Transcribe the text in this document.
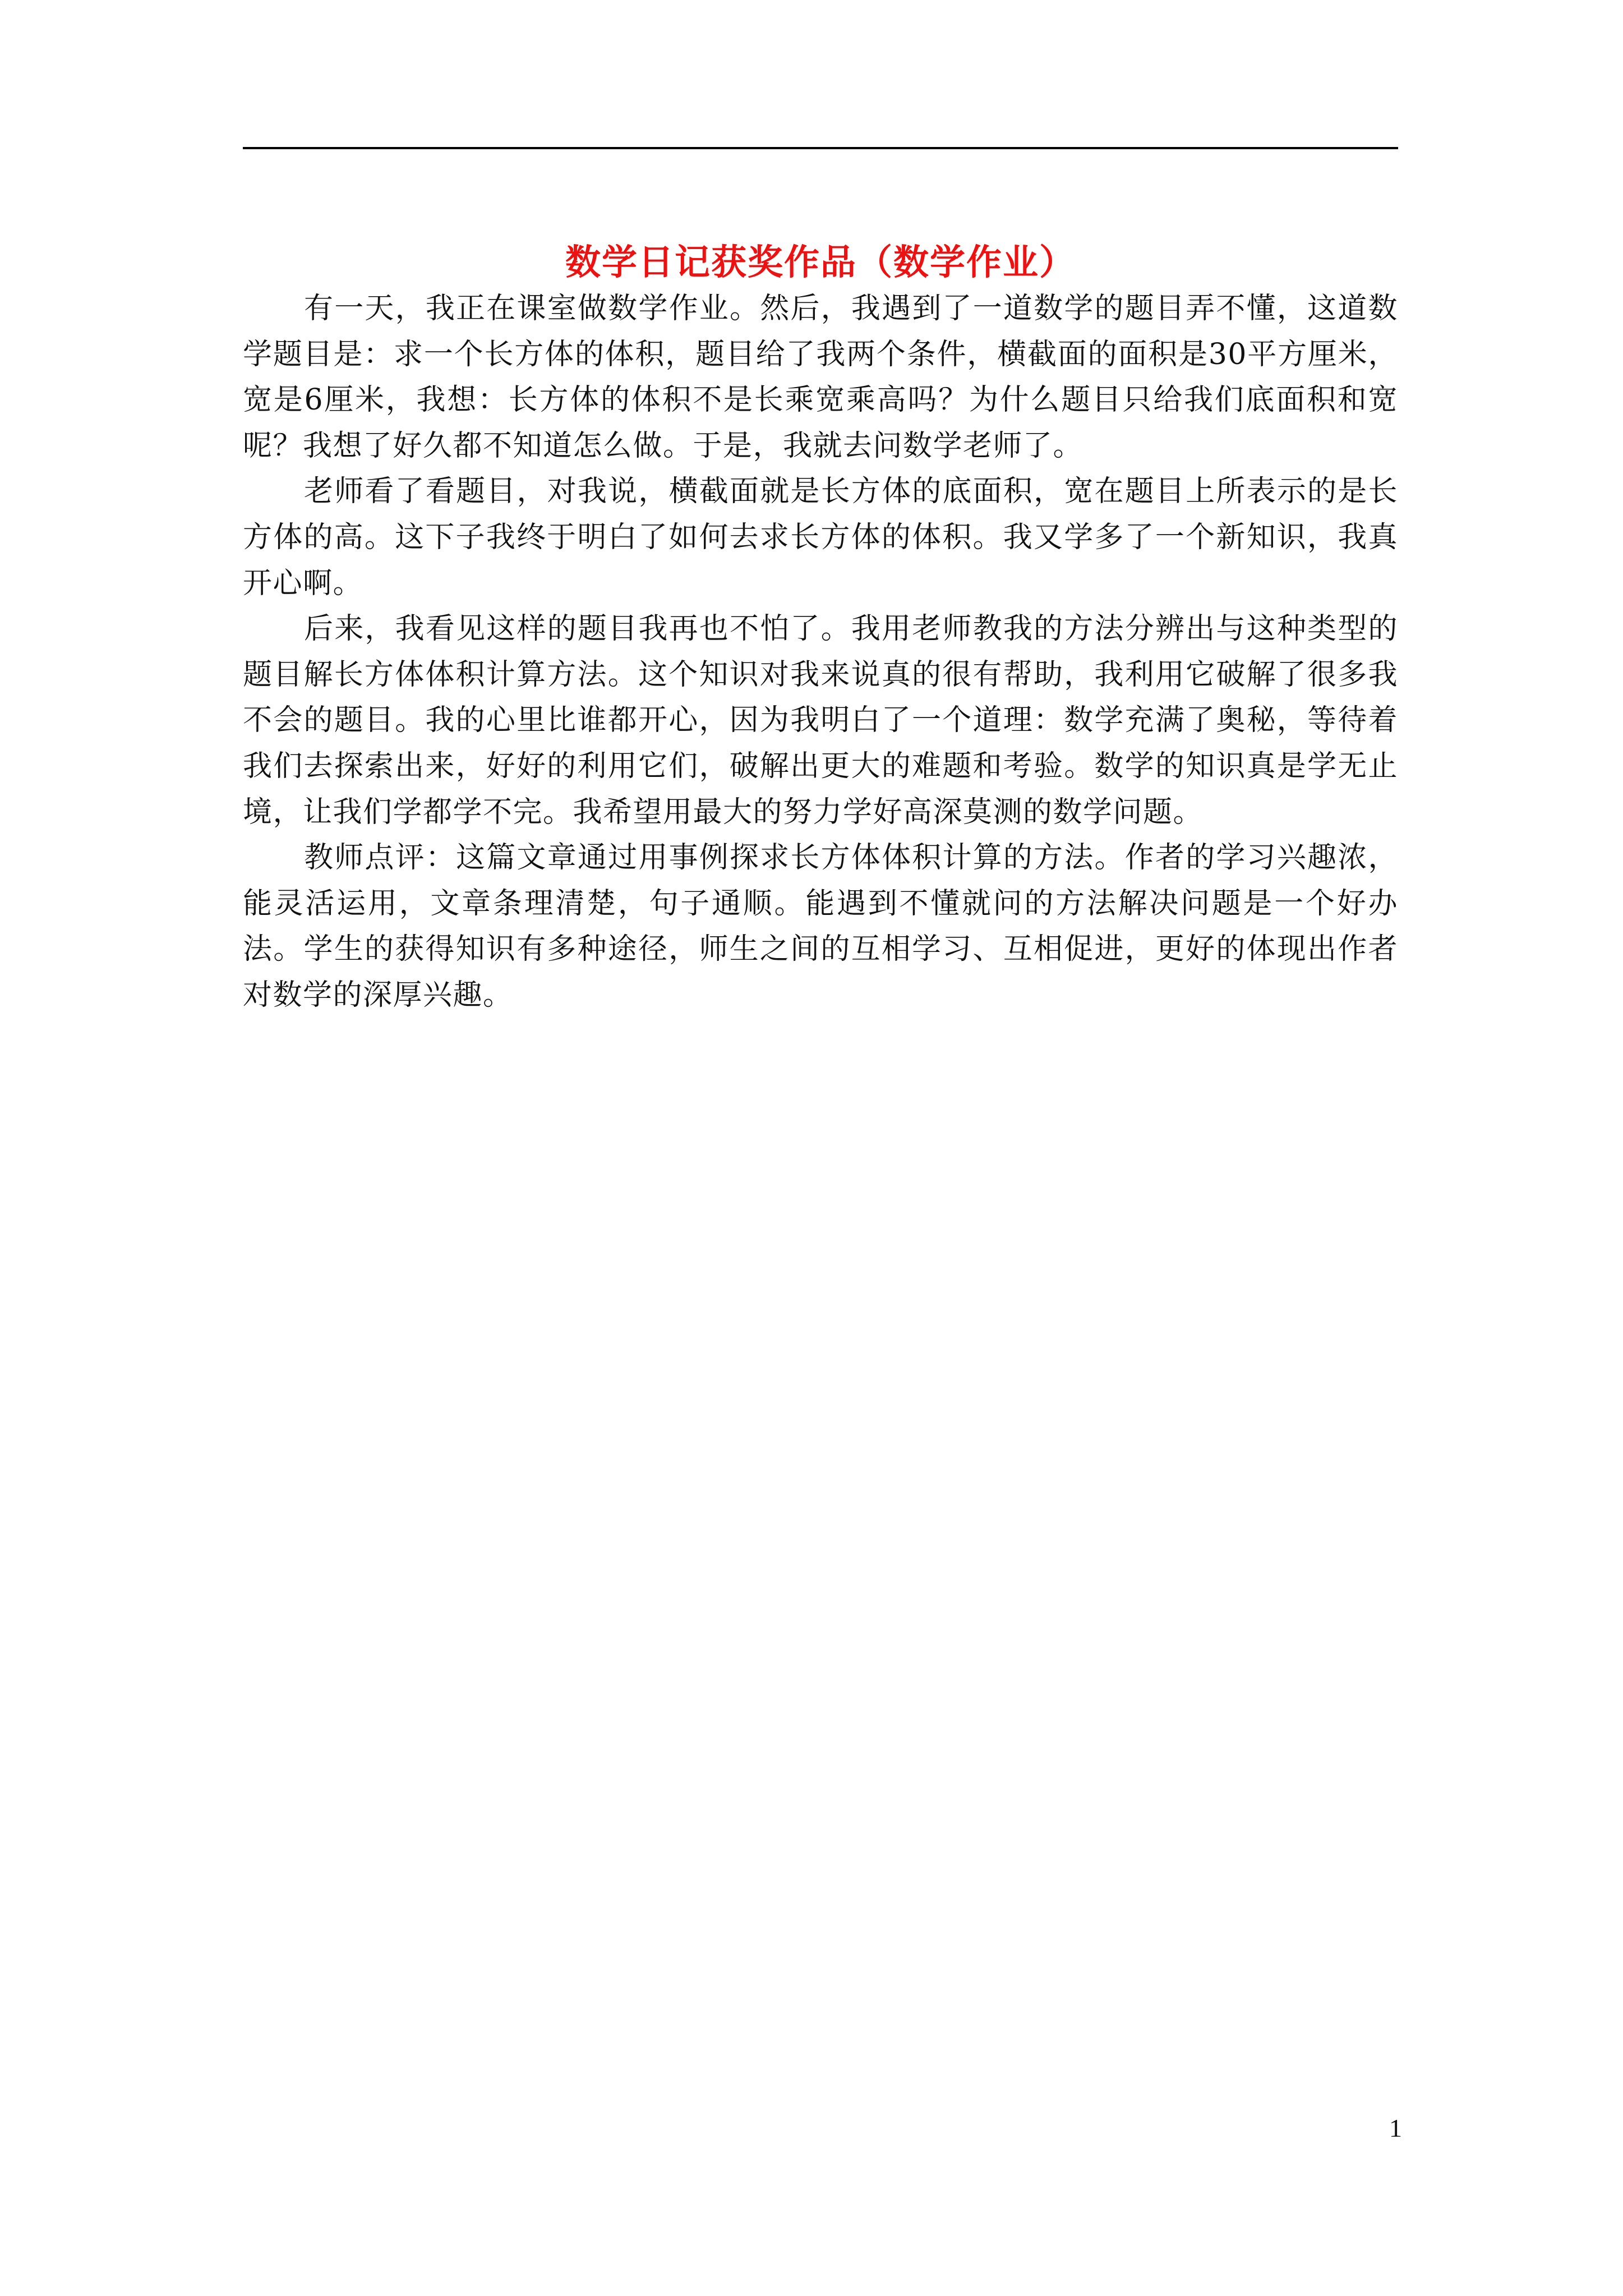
数学日记获奖作品（数学作业）

有一天，我正在课室做数学作业。然后，我遇到了一道数学的题目弄不懂，这道数学题目是：求一个长方体的体积，题目给了我两个条件，横截面的面积是30平方厘米，宽是6厘米，我想：长方体的体积不是长乘宽乘高吗？为什么题目只给我们底面积和宽呢？我想了好久都不知道怎么做。于是，我就去问数学老师了。

老师看了看题目，对我说，横截面就是长方体的底面积，宽在题目上所表示的是长方体的高。这下子我终于明白了如何去求长方体的体积。我又学多了一个新知识，我真开心啊。

后来，我看见这样的题目我再也不怕了。我用老师教我的方法分辨出与这种类型的题目解长方体体积计算方法。这个知识对我来说真的很有帮助，我利用它破解了很多我不会的题目。我的心里比谁都开心，因为我明白了一个道理：数学充满了奥秘，等待着我们去探索出来，好好的利用它们，破解出更大的难题和考验。数学的知识真是学无止境，让我们学都学不完。我希望用最大的努力学好高深莫测的数学问题。

教师点评：这篇文章通过用事例探求长方体体积计算的方法。作者的学习兴趣浓，能灵活运用，文章条理清楚，句子通顺。能遇到不懂就问的方法解决问题是一个好办法。学生的获得知识有多种途径，师生之间的互相学习、互相促进，更好的体现出作者对数学的深厚兴趣。

1
